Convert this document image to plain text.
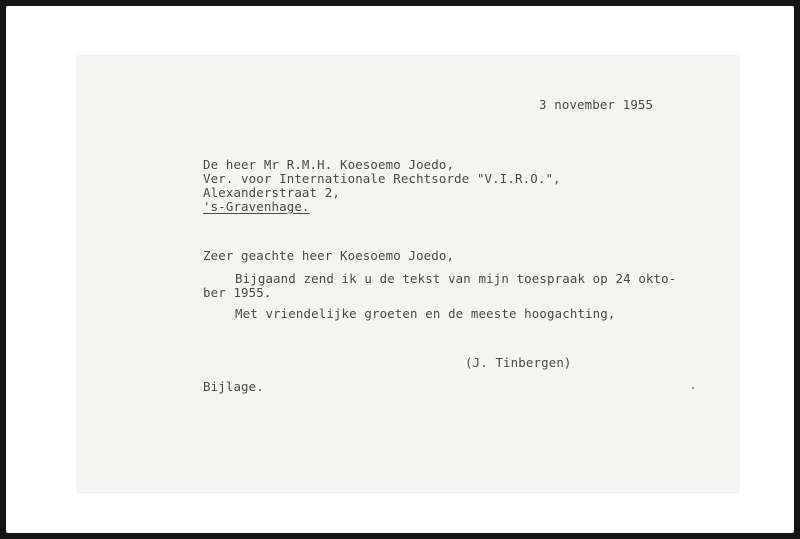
3 november 1955
De heer Mr R.M.H. Koesoemo Joedo,
Ver. voor Internationale Rechtsorde "V.I.R.O.",
Alexanderstraat 2,
's-Gravenhage.
Zeer geachte heer Koesoemo Joedo,
Bijgaand zend ik u de tekst van mijn toespraak op 24 okto-
ber 1955.
Met vriendelijke groeten en de meeste hoogachting,
(J. Tinbergen)
Bijlage.
